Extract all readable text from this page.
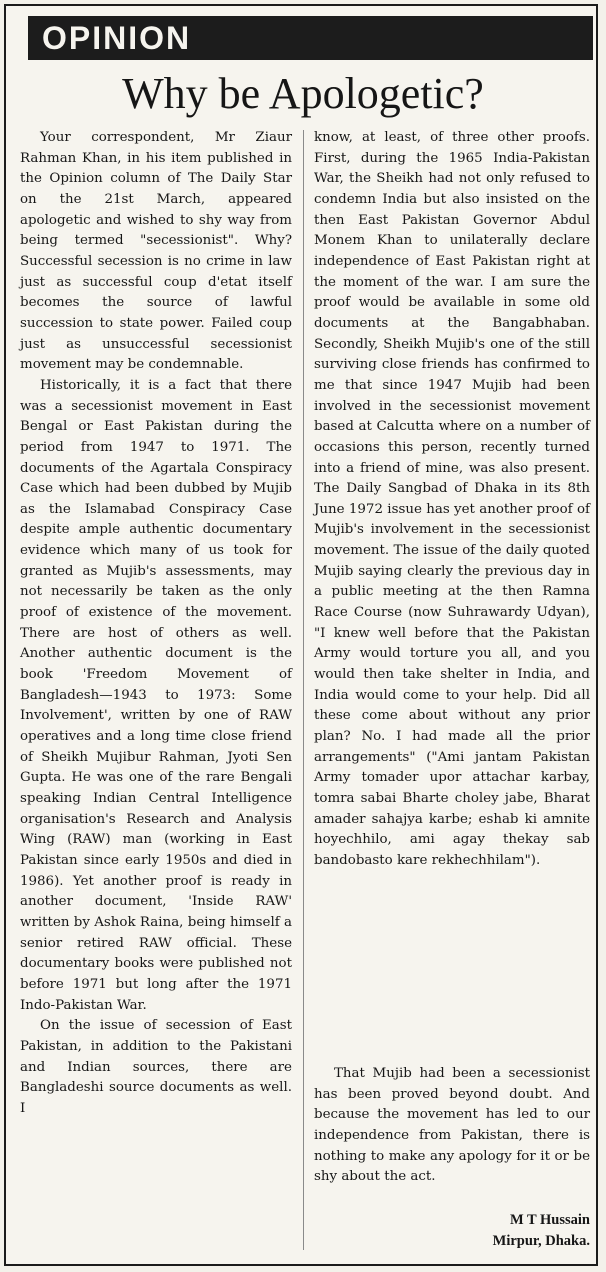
OPINION
Why be Apologetic?

Your correspondent, Mr Ziaur Rahman Khan, in his item published in the Opinion column of The Daily Star on the 21st March, appeared apologetic and wished to shy way from being termed "secessionist". Why? Successful secession is no crime in law just as successful coup d'etat itself becomes the source of lawful succession to state power. Failed coup just as unsuccessful secessionist movement may be condemnable.

Historically, it is a fact that there was a secessionist movement in East Bengal or East Pakistan during the period from 1947 to 1971. The documents of the Agartala Conspiracy Case which had been dubbed by Mujib as the Islamabad Conspiracy Case despite ample authentic documentary evidence which many of us took for granted as Mujib's assessments, may not necessarily be taken as the only proof of existence of the movement. There are host of others as well. Another authentic document is the book 'Freedom Movement of Bangladesh—1943 to 1973: Some Involvement', written by one of RAW operatives and a long time close friend of Sheikh Mujibur Rahman, Jyoti Sen Gupta. He was one of the rare Bengali speaking Indian Central Intelligence organisation's Research and Analysis Wing (RAW) man (working in East Pakistan since early 1950s and died in 1986). Yet another proof is ready in another document, 'Inside RAW' written by Ashok Raina, being himself a senior retired RAW official. These documentary books were published not before 1971 but long after the 1971 Indo-Pakistan War.

On the issue of secession of East Pakistan, in addition to the Pakistani and Indian sources, there are Bangladeshi source documents as well. I

know, at least, of three other proofs. First, during the 1965 India-Pakistan War, the Sheikh had not only refused to condemn India but also insisted on the then East Pakistan Governor Abdul Monem Khan to unilaterally declare independence of East Pakistan right at the moment of the war. I am sure the proof would be available in some old documents at the Bangabhaban. Secondly, Sheikh Mujib's one of the still surviving close friends has confirmed to me that since 1947 Mujib had been involved in the secessionist movement based at Calcutta where on a number of occasions this person, recently turned into a friend of mine, was also present. The Daily Sangbad of Dhaka in its 8th June 1972 issue has yet another proof of Mujib's involvement in the secessionist movement. The issue of the daily quoted Mujib saying clearly the previous day in a public meeting at the then Ramna Race Course (now Suhrawardy Udyan), "I knew well before that the Pakistan Army would torture you all, and you would then take shelter in India, and India would come to your help. Did all these come about without any prior plan? No. I had made all the prior arrangements" ("Ami jantam Pakistan Army tomader upor attachar karbay, tomra sabai Bharte choley jabe, Bharat amader sahajya karbe; eshab ki amnite hoyechhilo, ami agay thekay sab bandobasto kare rekhechhilam").

That Mujib had been a secessionist has been proved beyond doubt. And because the movement has led to our independence from Pakistan, there is nothing to make any apology for it or be shy about the act.

M T Hussain
Mirpur, Dhaka.
